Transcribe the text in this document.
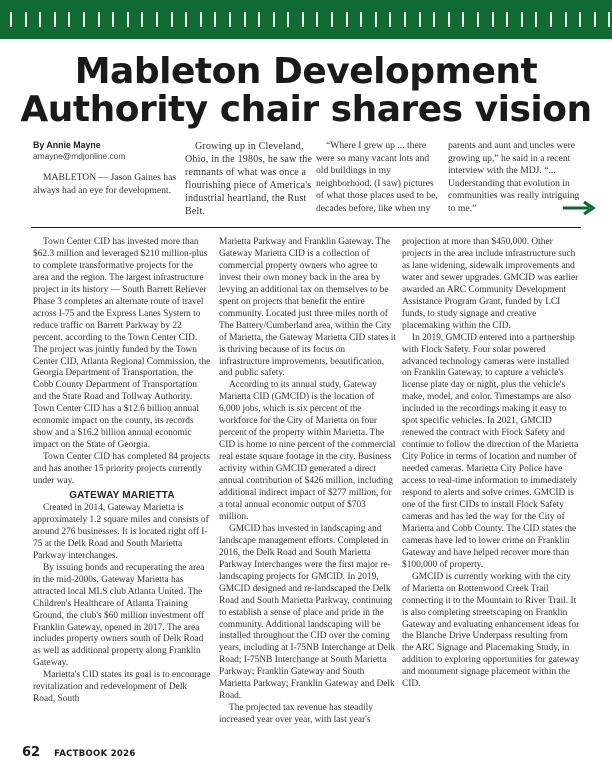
Mableton Development
Authority chair shares vision
By Annie Mayne
amayne@mdjonline.com

MABLETON — Jason Gaines has always had an eye for development.

Growing up in Cleveland, Ohio, in the 1980s, he saw the remnants of what was once a flourishing piece of America's industrial heartland, the Rust Belt.

“Where I grew up ... there were so many vacant lots and old buildings in my neighborhood. (I saw) pictures of what those places used to be, decades before, like when my

parents and aunt and uncles were growing up,” he said in a recent interview with the MDJ. “... Understanding that evolution in communities was really intriguing to me.”

Town Center CID has invested more than $62.3 million and leveraged $210 million-plus to complete transformative projects for the area and the region. The largest infrastructure project in its history — South Barrett Reliever Phase 3 completes an alternate route of travel across I-75 and the Express Lanes System to reduce traffic on Barrett Parkway by 22 percent, according to the Town Center CID. The project was jointly funded by the Town Center CID, Atlanta Regional Commission, the Georgia Department of Transportation, the Cobb County Department of Transportation and the State Road and Tollway Authority. Town Center CID has a $12.6 billion annual economic impact on the county, its records show and a $16.2 billion annual economic impact on the State of Georgia.

Town Center CID has completed 84 projects and has another 15 priority projects currently under way.

GATEWAY MARIETTA

Created in 2014, Gateway Marietta is approximately 1.2 square miles and consists of around 276 businesses. It is located right off I-75 at the Delk Road and South Marietta Parkway interchanges.

By issuing bonds and recuperating the area in the mid-2000s, Gateway Marietta has attracted local MLS club Atlanta United. The Children's Healthcare of Atlanta Training Ground, the club's $60 million investment off Franklin Gateway, opened in 2017. The area includes property owners south of Delk Road as well as additional property along Franklin Gateway.

Marietta's CID states its goal is to encourage revitalization and redevelopment of Delk Road, South

Marietta Parkway and Franklin Gateway. The Gateway Marietta CID is a collection of commercial property owners who agree to invest their own money back in the area by levying an additional tax on themselves to be spent on projects that benefit the entire community. Located just three miles north of The Battery/Cumberland area, within the City of Marietta, the Gateway Marietta CID states it is thriving because of its focus on infrastructure improvements, beautification, and public safety.

According to its annual study, Gateway Marietta CID (GMCID) is the location of 6,000 jobs, which is six percent of the workforce for the City of Marietta on four percent of the property within Marietta. The CID is home to nine percent of the commercial real estate square footage in the city. Business activity within GMCID generated a direct annual contribution of $426 million, including additional indirect impact of $277 million, for a total annual economic output of $703 million.

GMCID has invested in landscaping and landscape management efforts. Completed in 2016, the Delk Road and South Marietta Parkway Interchanges were the first major re-landscaping projects for GMCID. In 2019, GMCID designed and re-landscaped the Delk Road and South Marietta Parkway, continuing to establish a sense of place and pride in the community. Additional landscaping will be installed throughout the CID over the coming years, including at I-75NB Interchange at Delk Road; I-75NB Interchange at South Marietta Parkway; Franklin Gateway and South Marietta Parkway; Franklin Gateway and Delk Road.

The projected tax revenue has steadily increased year over year, with last year's

projection at more than $450,000. Other projects in the area include infrastructure such as lane widening, sidewalk improvements and water and sewer upgrades. GMCID was earlier awarded an ARC Community Development Assistance Program Grant, funded by LCI funds, to study signage and creative placemaking within the CID.

In 2019, GMCID entered into a partnership with Flock Safety. Four solar powered advanced technology cameras were installed on Franklin Gateway, to capture a vehicle's license plate day or night, plus the vehicle's make, model, and color. Timestamps are also included in the recordings making it easy to spot specific vehicles. In 2021, GMCID renewed the contract with Flock Safety and continue to follow the direction of the Marietta City Police in terms of location and number of needed cameras. Marietta City Police have access to real-time information to immediately respond to alerts and solve crimes. GMCID is one of the first CIDs to install Flock Safety cameras and has led the way for the City of Marietta and Cobb County. The CID states the cameras have led to lower crime on Franklin Gateway and have helped recover more than $100,000 of property.

GMCID is currently working with the city of Marietta on Rottenwood Creek Trail connecting it to the Mountain to River Trail. It is also completing streetscaping on Franklin Gateway and evaluating enhancement ideas for the Blanche Drive Underpass resulting from the ARC Signage and Placemaking Study, in addition to exploring opportunities for gateway and monument signage placement within the CID.

62 FACTBOOK 2026
